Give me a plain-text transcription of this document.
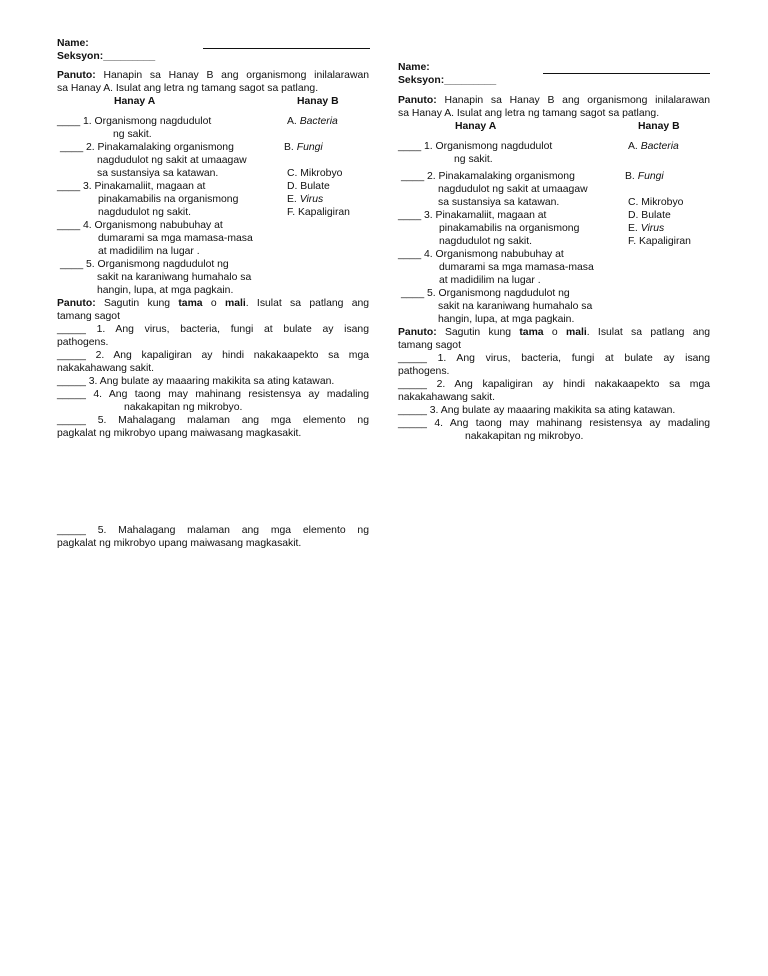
Name:
Seksyon:_________
Panuto: Hanapin sa Hanay B ang organismong inilalarawan
sa Hanay A. Isulat ang letra ng tamang sagot sa patlang.
Hanay A	Hanay B
____ 1. Organismong nagdudulot	A. Bacteria
ng sakit.
____ 2. Pinakamalaking organismong	B. Fungi
nagdudulot ng sakit at umaagaw
sa sustansiya sa katawan.	C. Mikrobyo
____ 3. Pinakamaliit, magaan at	D. Bulate
pinakamabilis na organismong	E. Virus
nagdudulot ng sakit.	F. Kapaligiran
____ 4. Organismong nabubuhay at
dumarami sa mga mamasa-masa
at madidilim na lugar .
____ 5. Organismong nagdudulot ng
sakit na karaniwang humahalo sa
hangin, lupa, at mga pagkain.
Panuto: Sagutin kung tama o mali. Isulat sa patlang ang
tamang sagot
_____ 1. Ang virus, bacteria, fungi at bulate ay isang
pathogens.
_____ 2. Ang kapaligiran ay hindi nakakaapekto sa mga
nakakahawang sakit.
_____ 3. Ang bulate ay maaaring makikita sa ating katawan.
_____ 4. Ang taong may mahinang resistensya ay madaling
nakakapitan ng mikrobyo.
_____ 5. Mahalagang malaman ang mga elemento ng
pagkalat ng mikrobyo upang maiwasang magkasakit.
_____ 5. Mahalagang malaman ang mga elemento ng
pagkalat ng mikrobyo upang maiwasang magkasakit.
Name:
Seksyon:_________
Panuto: Hanapin sa Hanay B ang organismong inilalarawan
sa Hanay A. Isulat ang letra ng tamang sagot sa patlang.
Hanay A	Hanay B
____ 1. Organismong nagdudulot	A. Bacteria
ng sakit.
____ 2. Pinakamalaking organismong	B. Fungi
nagdudulot ng sakit at umaagaw
sa sustansiya sa katawan.	C. Mikrobyo
____ 3. Pinakamaliit, magaan at	D. Bulate
pinakamabilis na organismong	E. Virus
nagdudulot ng sakit.	F. Kapaligiran
____ 4. Organismong nabubuhay at
dumarami sa mga mamasa-masa
at madidilim na lugar .
____ 5. Organismong nagdudulot ng
sakit na karaniwang humahalo sa
hangin, lupa, at mga pagkain.
Panuto: Sagutin kung tama o mali. Isulat sa patlang ang
tamang sagot
_____ 1. Ang virus, bacteria, fungi at bulate ay isang
pathogens.
_____ 2. Ang kapaligiran ay hindi nakakaapekto sa mga
nakakahawang sakit.
_____ 3. Ang bulate ay maaaring makikita sa ating katawan.
_____ 4. Ang taong may mahinang resistensya ay madaling
nakakapitan ng mikrobyo.
